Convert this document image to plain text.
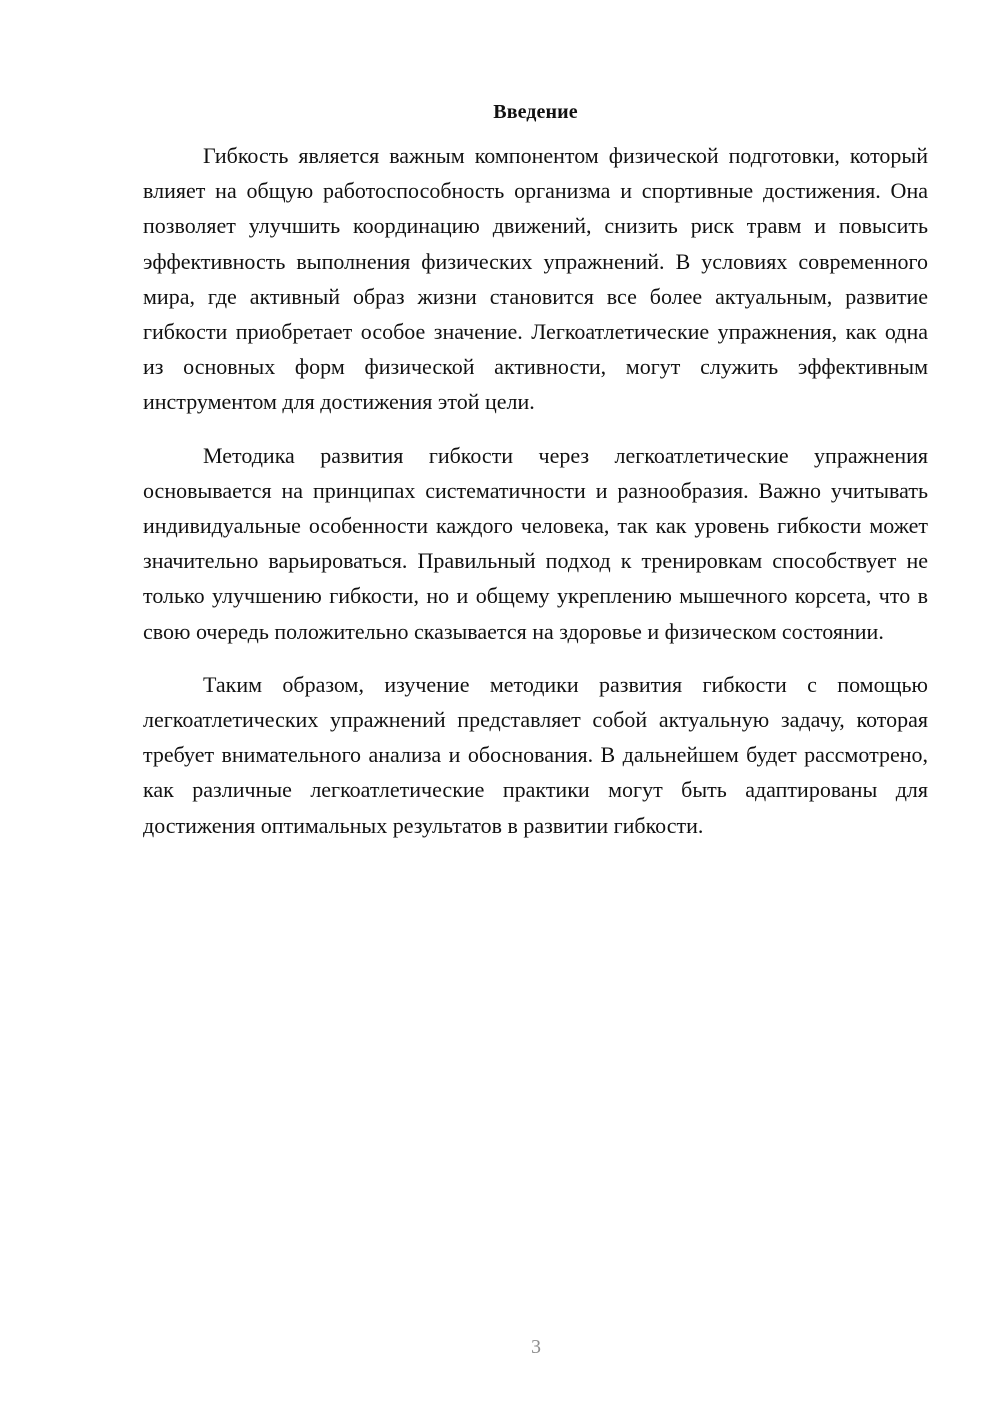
Введение

Гибкость является важным компонентом физической подготовки, который влияет на общую работоспособность организма и спортивные достижения. Она позволяет улучшить координацию движений, снизить риск травм и повысить эффективность выполнения физических упражнений. В условиях современного мира, где активный образ жизни становится все более актуальным, развитие гибкости приобретает особое значение. Легкоатлетические упражнения, как одна из основных форм физической активности, могут служить эффективным инструментом для достижения этой цели.

Методика развития гибкости через легкоатлетические упражнения основывается на принципах систематичности и разнообразия. Важно учитывать индивидуальные особенности каждого человека, так как уровень гибкости может значительно варьироваться. Правильный подход к тренировкам способствует не только улучшению гибкости, но и общему укреплению мышечного корсета, что в свою очередь положительно сказывается на здоровье и физическом состоянии.

Таким образом, изучение методики развития гибкости с помощью легкоатлетических упражнений представляет собой актуальную задачу, которая требует внимательного анализа и обоснования. В дальнейшем будет рассмотрено, как различные легкоатлетические практики могут быть адаптированы для достижения оптимальных результатов в развитии гибкости.

3
